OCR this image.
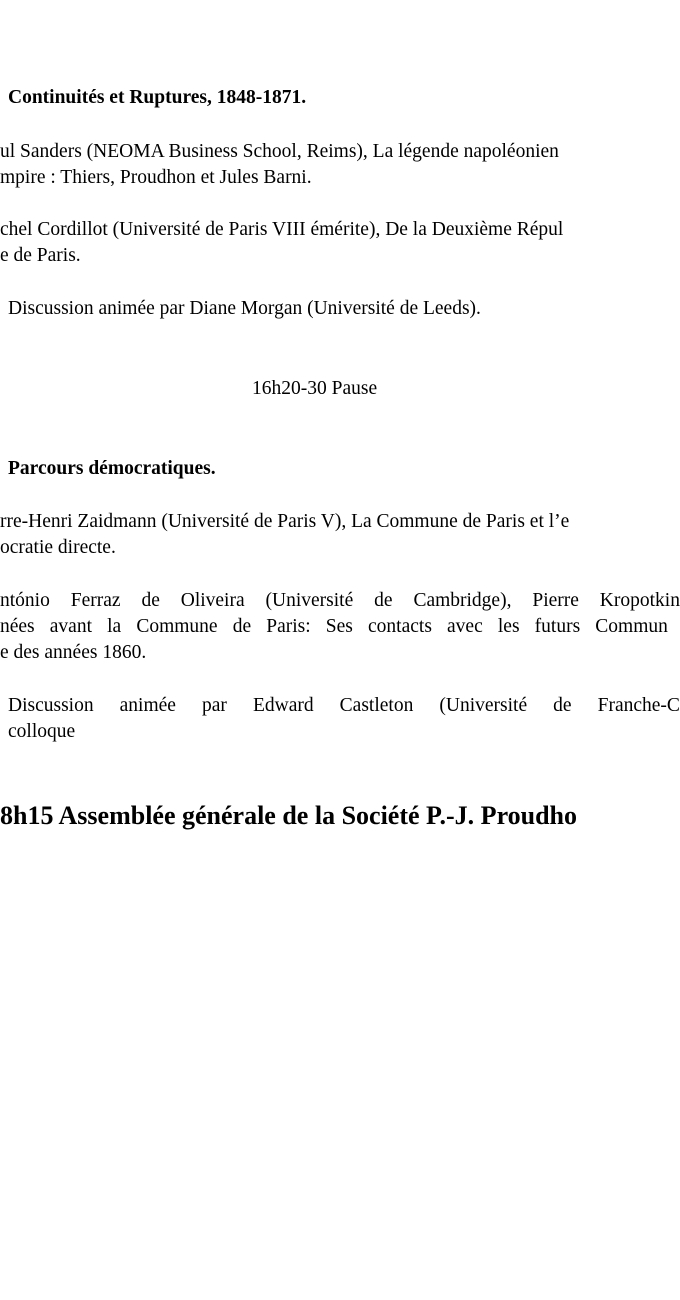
Continuités et Ruptures, 1848-1871.

ul Sanders (NEOMA Business School, Reims), La légende napoléonien

mpire : Thiers, Proudhon et Jules Barni.

chel Cordillot (Université de Paris VIII émérite), De la Deuxième Répul

e de Paris.

Discussion animée par Diane Morgan (Université de Leeds).

16h20-30 Pause

Parcours démocratiques.

rre-Henri Zaidmann (Université de Paris V), La Commune de Paris et l’e

ocratie directe.

ntónio Ferraz de Oliveira (Université de Cambridge), Pierre Kropotkin
nées avant la Commune de Paris: Ses contacts avec les futurs Commun

e des années 1860.

Discussion animée par Edward Castleton (Université de Franche-C

colloque

8h15 Assemblée générale de la Société P.-J. Proudho
